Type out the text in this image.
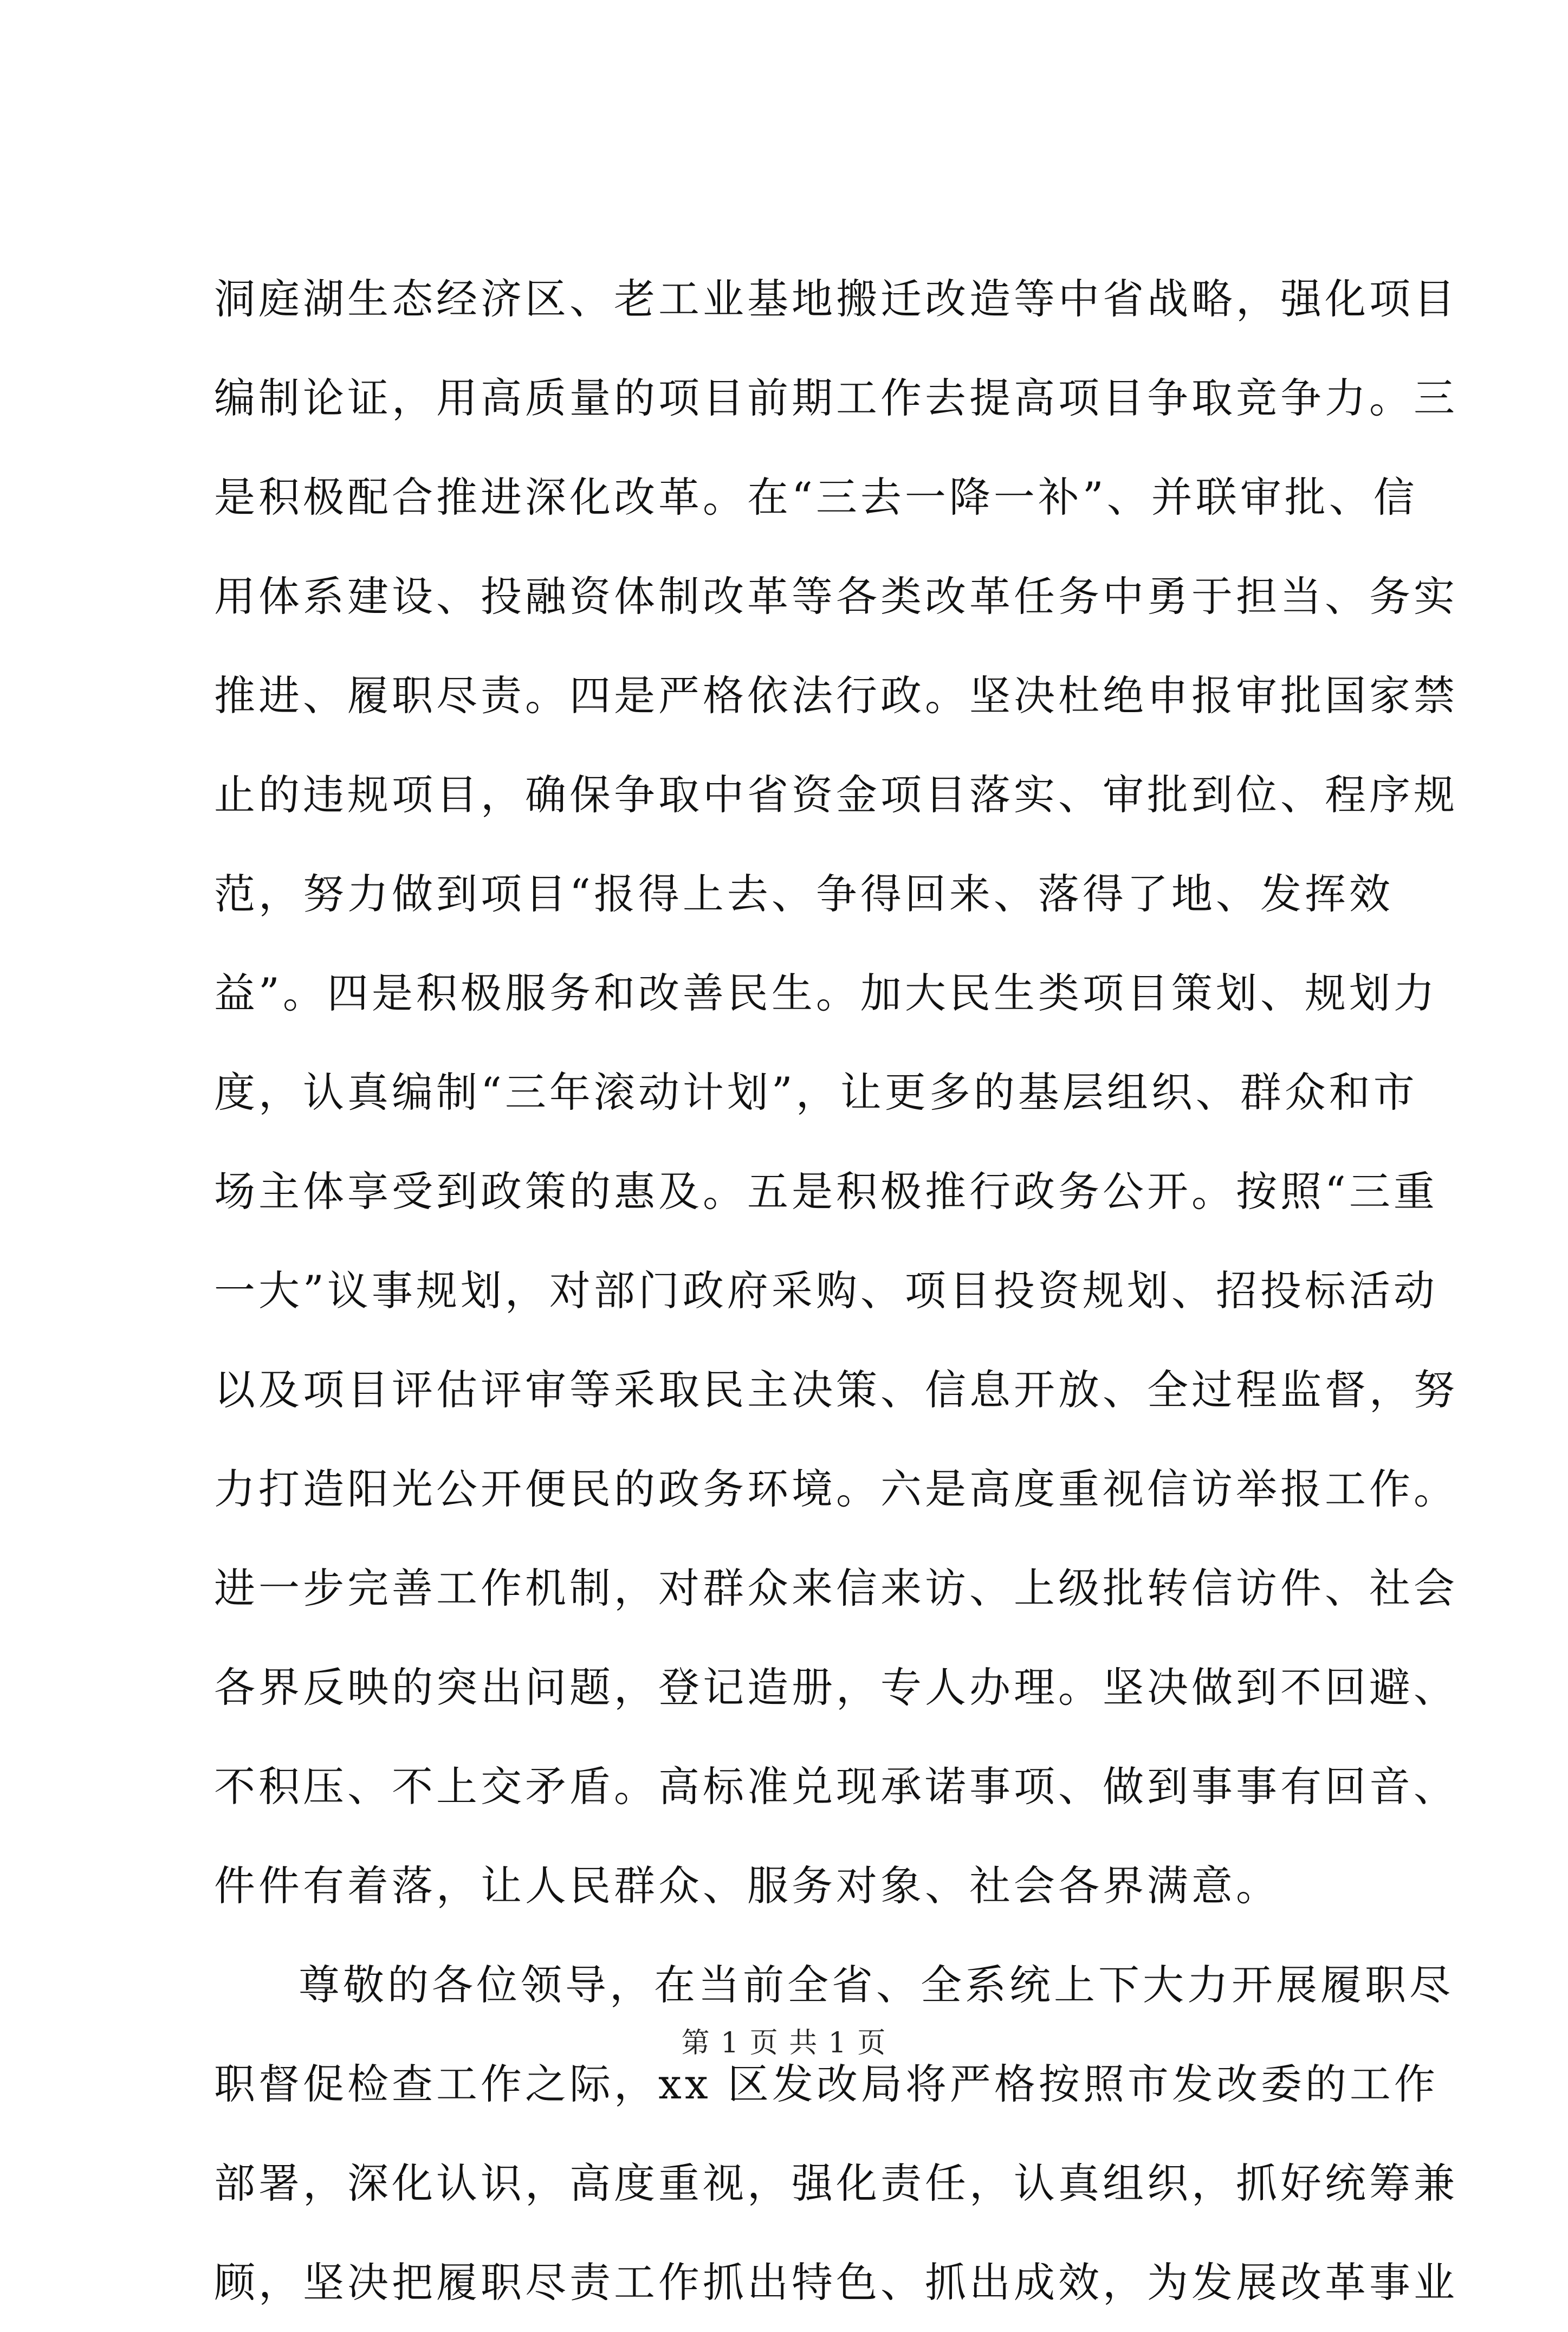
洞庭湖生态经济区、老工业基地搬迁改造等中省战略，强化项目
编制论证，用高质量的项目前期工作去提高项目争取竞争力。三
是积极配合推进深化改革。在“三去一降一补”、并联审批、信
用体系建设、投融资体制改革等各类改革任务中勇于担当、务实
推进、履职尽责。四是严格依法行政。坚决杜绝申报审批国家禁
止的违规项目，确保争取中省资金项目落实、审批到位、程序规
范，努力做到项目“报得上去、争得回来、落得了地、发挥效
益”。四是积极服务和改善民生。加大民生类项目策划、规划力
度，认真编制“三年滚动计划”，让更多的基层组织、群众和市
场主体享受到政策的惠及。五是积极推行政务公开。按照“三重
一大”议事规划，对部门政府采购、项目投资规划、招投标活动
以及项目评估评审等采取民主决策、信息开放、全过程监督，努
力打造阳光公开便民的政务环境。六是高度重视信访举报工作。
进一步完善工作机制，对群众来信来访、上级批转信访件、社会
各界反映的突出问题，登记造册，专人办理。坚决做到不回避、
不积压、不上交矛盾。高标准兑现承诺事项、做到事事有回音、
件件有着落，让人民群众、服务对象、社会各界满意。
尊敬的各位领导，在当前全省、全系统上下大力开展履职尽
职督促检查工作之际，xx 区发改局将严格按照市发改委的工作
部署，深化认识，高度重视，强化责任，认真组织，抓好统筹兼
顾，坚决把履职尽责工作抓出特色、抓出成效，为发展改革事业
第 1 页 共 1 页
